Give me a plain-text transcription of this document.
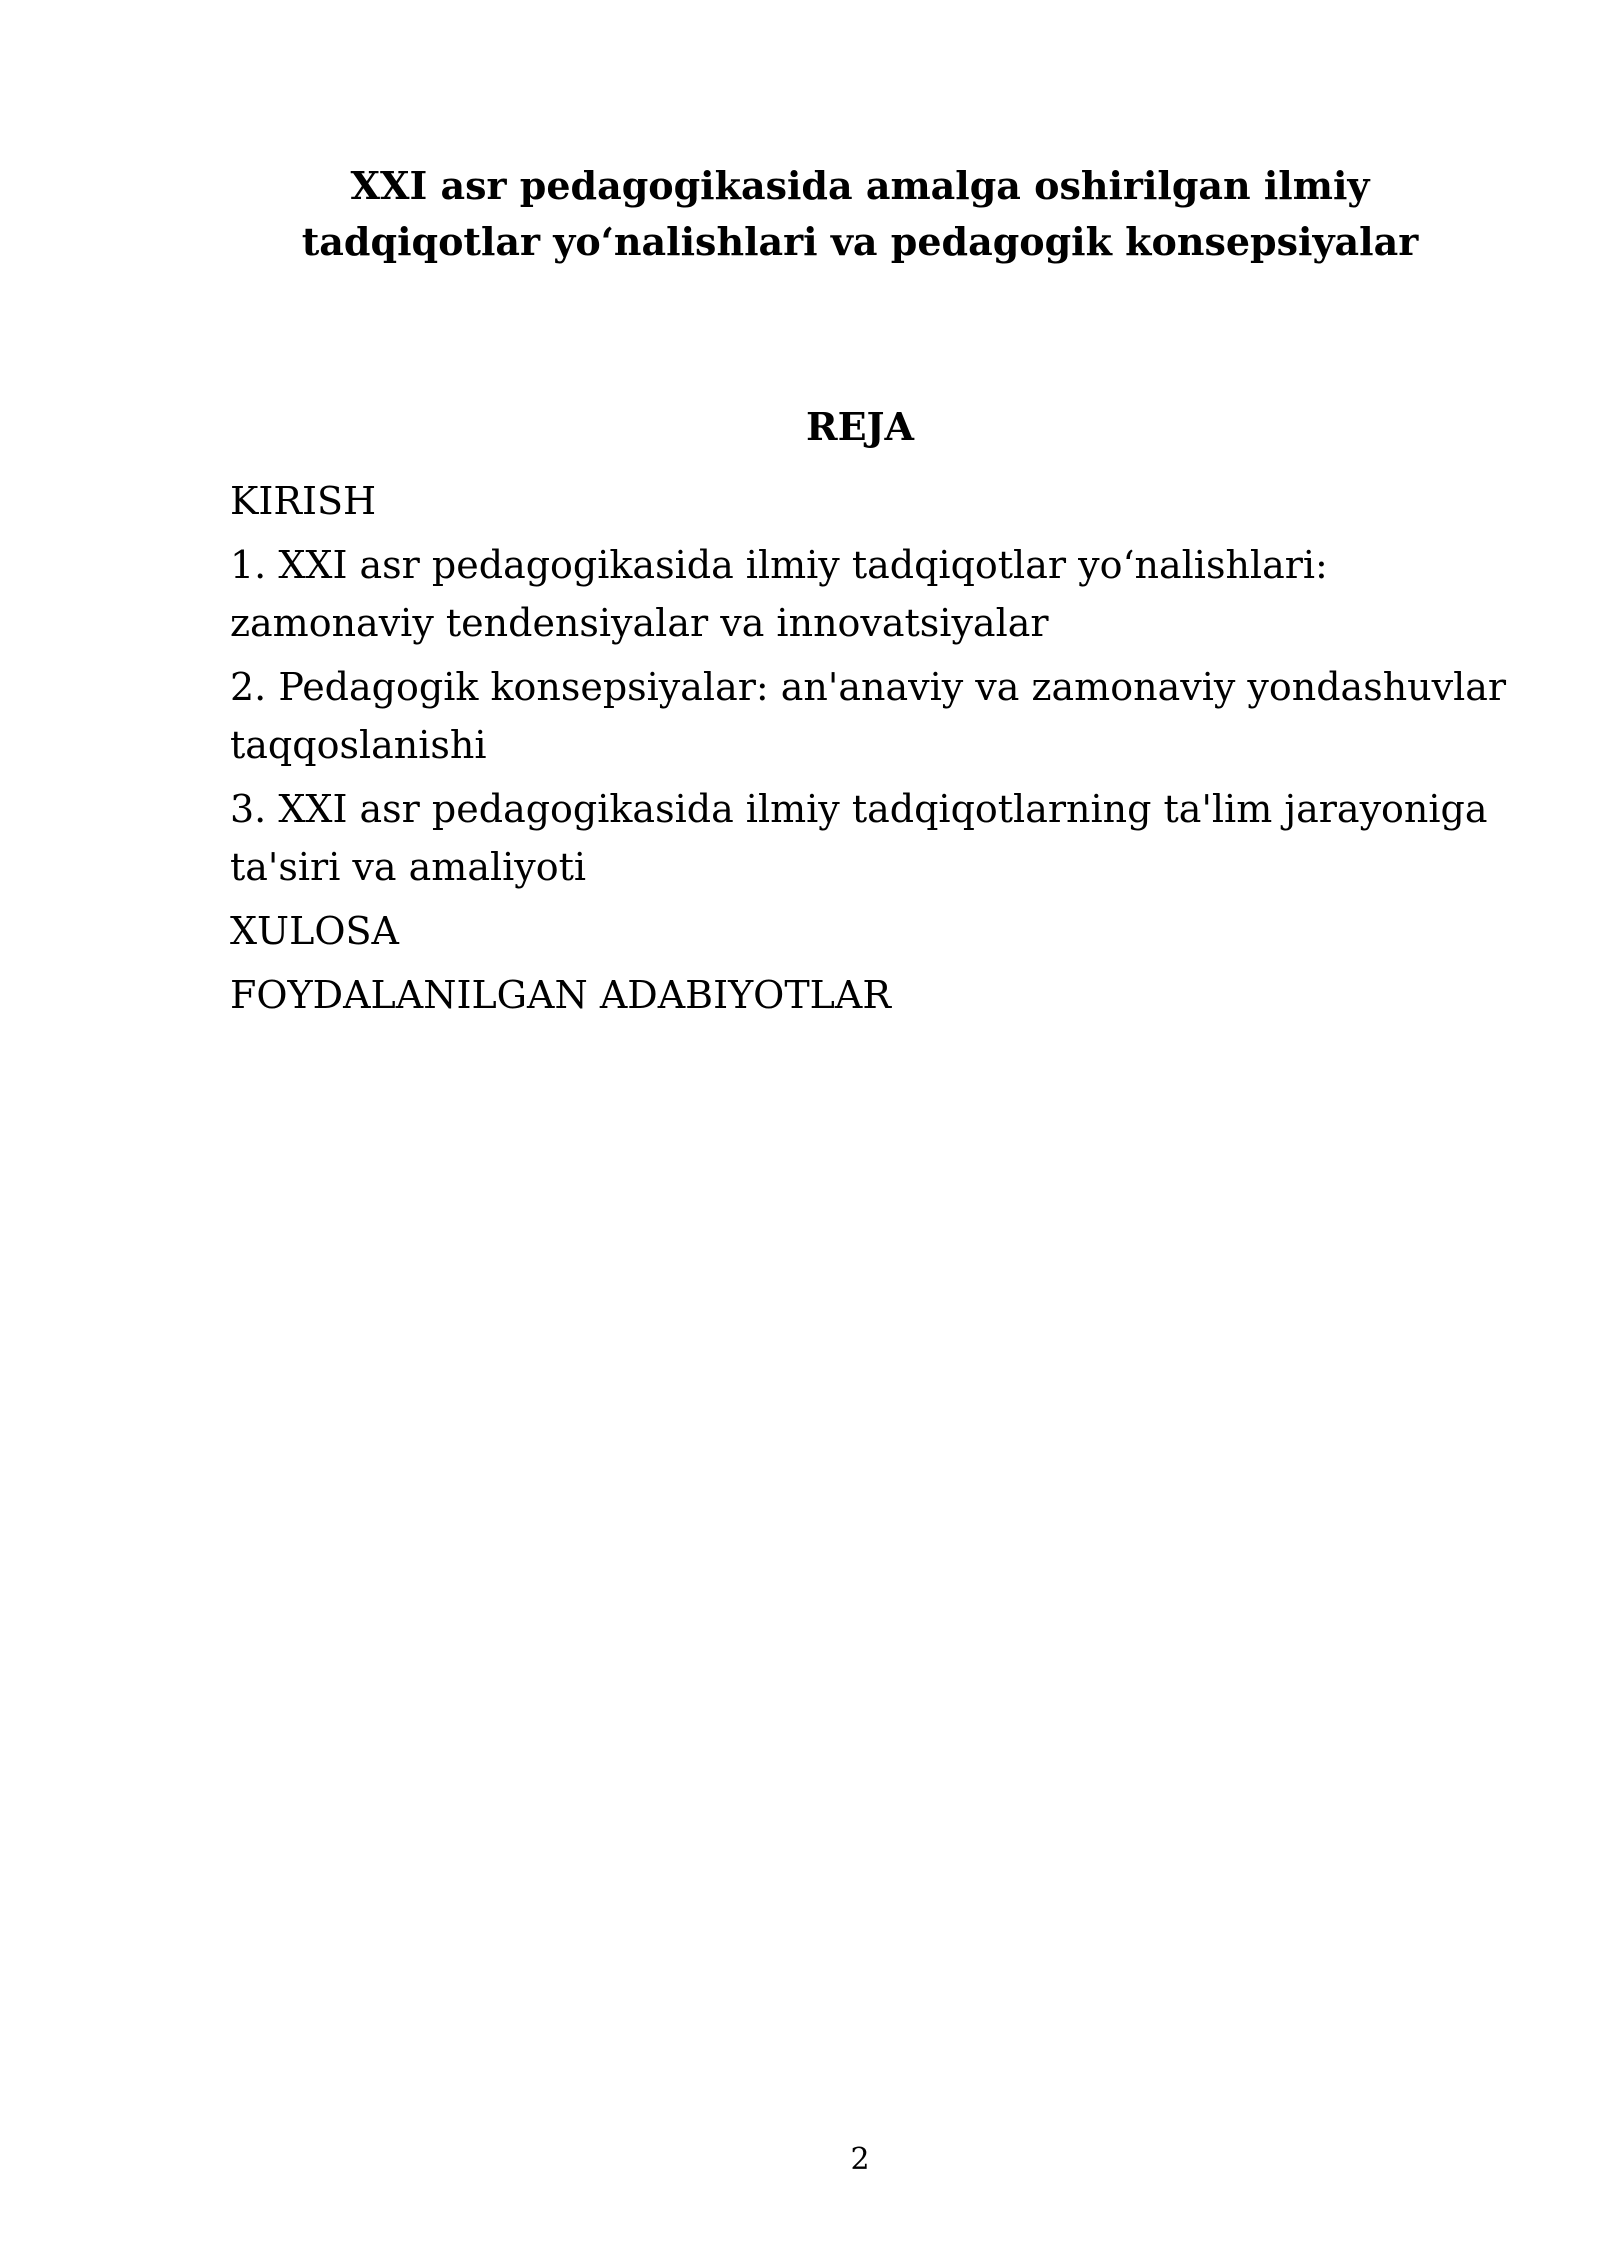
XXI asr pedagogikasida amalga oshirilgan ilmiy tadqiqotlar yo‘nalishlari va pedagogik konsepsiyalar
REJA
KIRISH
1. XXI asr pedagogikasida ilmiy tadqiqotlar yo‘nalishlari: zamonaviy tendensiyalar va innovatsiyalar
2. Pedagogik konsepsiyalar: an'anaviy va zamonaviy yondashuvlar taqqoslanishi
3. XXI asr pedagogikasida ilmiy tadqiqotlarning ta'lim jarayoniga ta'siri va amaliyoti
XULOSA
FOYDALANILGAN ADABIYOTLAR
2
